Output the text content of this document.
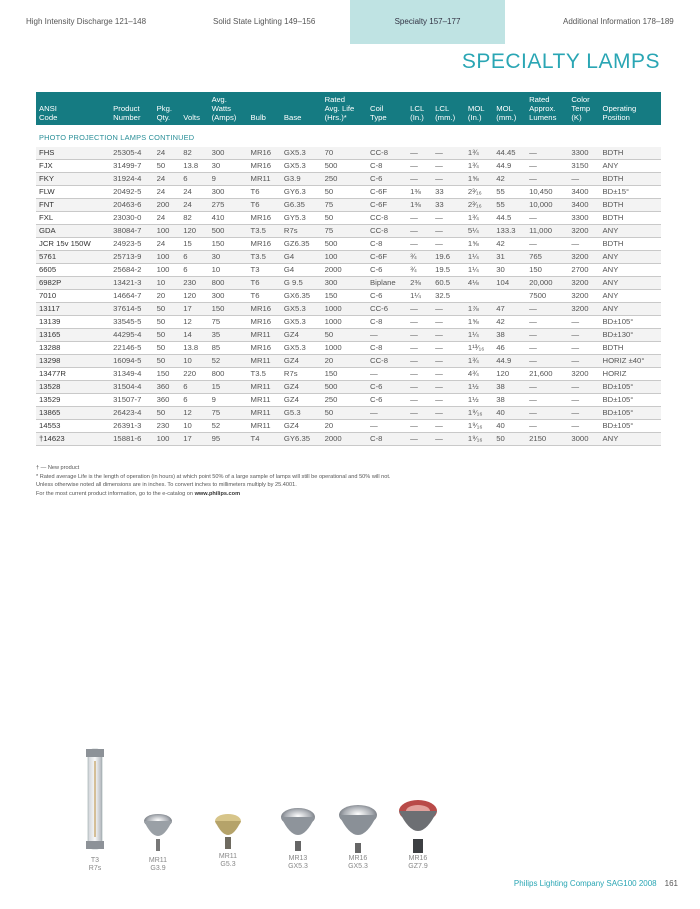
High Intensity Discharge 121–148	Solid State Lighting 149–156	Specialty 157–177	Additional Information 178–189
SPECIALTY LAMPS
				Avg.			Rated						Rated	Color	
ANSI	Product	Pkg.		Watts			Avg. Life	Coil	LCL	LCL	MOL	MOL	Approx.	Temp	Operating
Code	Number	Qty.	Volts	(Amps)	Bulb	Base	(Hrs.)*	Type	(In.)	(mm.)	(In.)	(mm.)	Lumens	(K)	Position
PHOTO PROJECTION LAMPS CONTINUED															
FHS	25305-4	24	82	300	MR16	GX5.3	70	CC-8	—	—	1¾	44.45	—	3300	BDTH
FJX	31499-7	50	13.8	30	MR16	GX5.3	500	C-8	—	—	1¾	44.9	—	3150	ANY
FKY	31924-4	24	6	9	MR11	G3.9	250	C-6	—	—	1⅝	42	—	—	BDTH
FLW	20492-5	24	24	300	T6	GY6.3	50	C-6F	1⅜	33	2³⁄₁₆	55	10,450	3400	BD±15°
FNT	20463-6	200	24	275	T6	G6.35	75	C-6F	1⅜	33	2³⁄₁₆	55	10,000	3400	BDTH
FXL	23030-0	24	82	410	MR16	GY5.3	50	CC-8	—	—	1¾	44.5	—	3300	BDTH
GDA	38084-7	100	120	500	T3.5	R7s	75	CC-8	—	—	5¼	133.3	11,000	3200	ANY
JCR 15v 150W	24923-5	24	15	150	MR16	GZ6.35	500	C-8	—	—	1⅝	42	—	—	BDTH
5761	25713-9	100	6	30	T3.5	G4	100	C-6F	¾	19.6	1¼	31	765	3200	ANY
6605	25684-2	100	6	10	T3	G4	2000	C-6	¾	19.5	1¼	30	150	2700	ANY
6982P	13421-3	10	230	800	T6	G 9.5	300	Biplane	2⅜	60.5	4⅛	104	20,000	3200	ANY
7010	14664-7	20	120	300	T6	GX6.35	150	C-6	1¼	32.5			7500	3200	ANY
13117	37614-5	50	17	150	MR16	GX5.3	1000	CC-6	—	—	1⅞	47	—	3200	ANY
13139	33545-5	50	12	75	MR16	GX5.3	1000	C-8	—	—	1⅝	42	—	—	BD±105°
13165	44295-4	50	14	35	MR11	GZ4	50	—	—	—	1¼	38	—	—	BD±130°
13288	22146-5	50	13.8	85	MR16	GX5.3	1000	C-8	—	—	1¹³⁄₁₆	46	—	—	BDTH
13298	16094-5	50	10	52	MR11	GZ4	20	CC-8	—	—	1¾	44.9	—	—	HORIZ ±40°
13477R	31349-4	150	220	800	T3.5	R7s	150	—	—	—	4¾	120	21,600	3200	HORIZ
13528	31504-4	360	6	15	MR11	GZ4	500	C-6	—	—	1½	38	—	—	BD±105°
13529	31507-7	360	6	9	MR11	GZ4	250	C-6	—	—	1½	38	—	—	BD±105°
13865	26423-4	50	12	75	MR11	G5.3	50	—	—	—	1⁹⁄₁₆	40	—	—	BD±105°
14553	26391-3	230	10	52	MR11	GZ4	20	—	—	—	1⁹⁄₁₆	40	—	—	BD±105°
†14623	15881-6	100	17	95	T4	GY6.35	2000	C-8	—	—	1⁹⁄₁₆	50	2150	3000	ANY
† — New product
* Rated average Life is the length of operation (in hours) at which point 50% of a large sample of lamps will still be operational and 50% will not.
Unless otherwise noted all dimensions are in inches. To convert inches to millimeters multiply by 25.4001.
For the most current product information, go to the e-catalog on www.philips.com
T3
R7s
MR11
G3.9
MR11
G5.3
MR13
GX5.3
MR16
GX5.3
MR16
GZ7.9
Philips Lighting Company SAG100 2008 161
